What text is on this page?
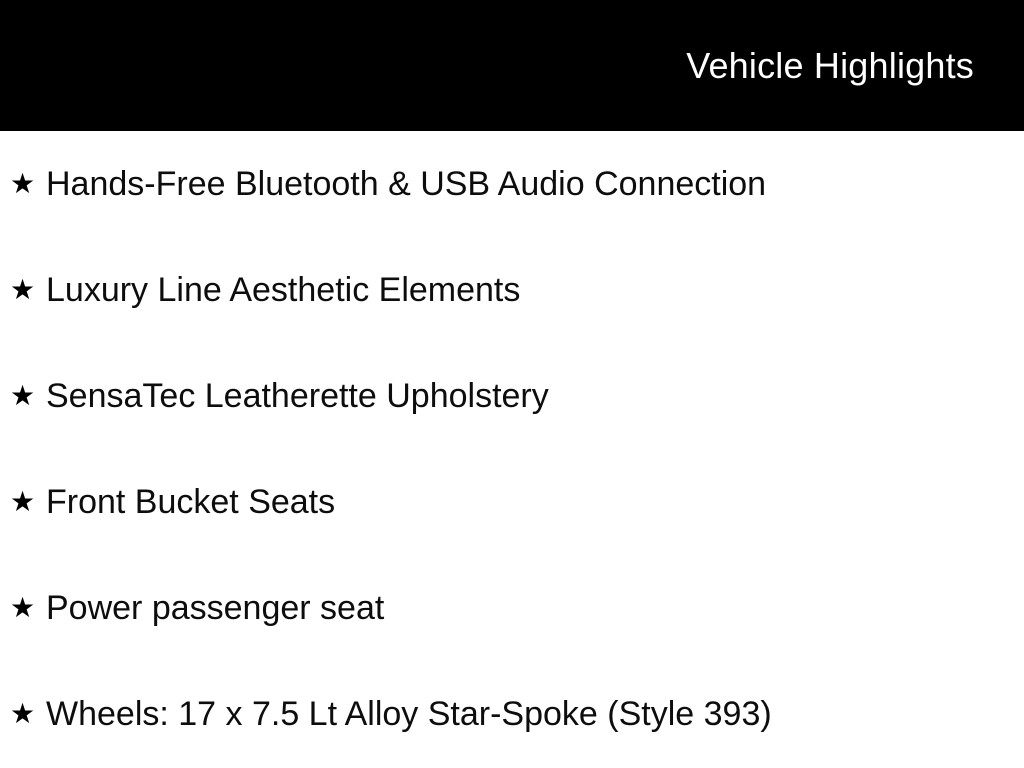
Vehicle Highlights
★ Hands-Free Bluetooth & USB Audio Connection
★ Luxury Line Aesthetic Elements
★ SensaTec Leatherette Upholstery
★ Front Bucket Seats
★ Power passenger seat
★ Wheels: 17 x 7.5 Lt Alloy Star-Spoke (Style 393)
